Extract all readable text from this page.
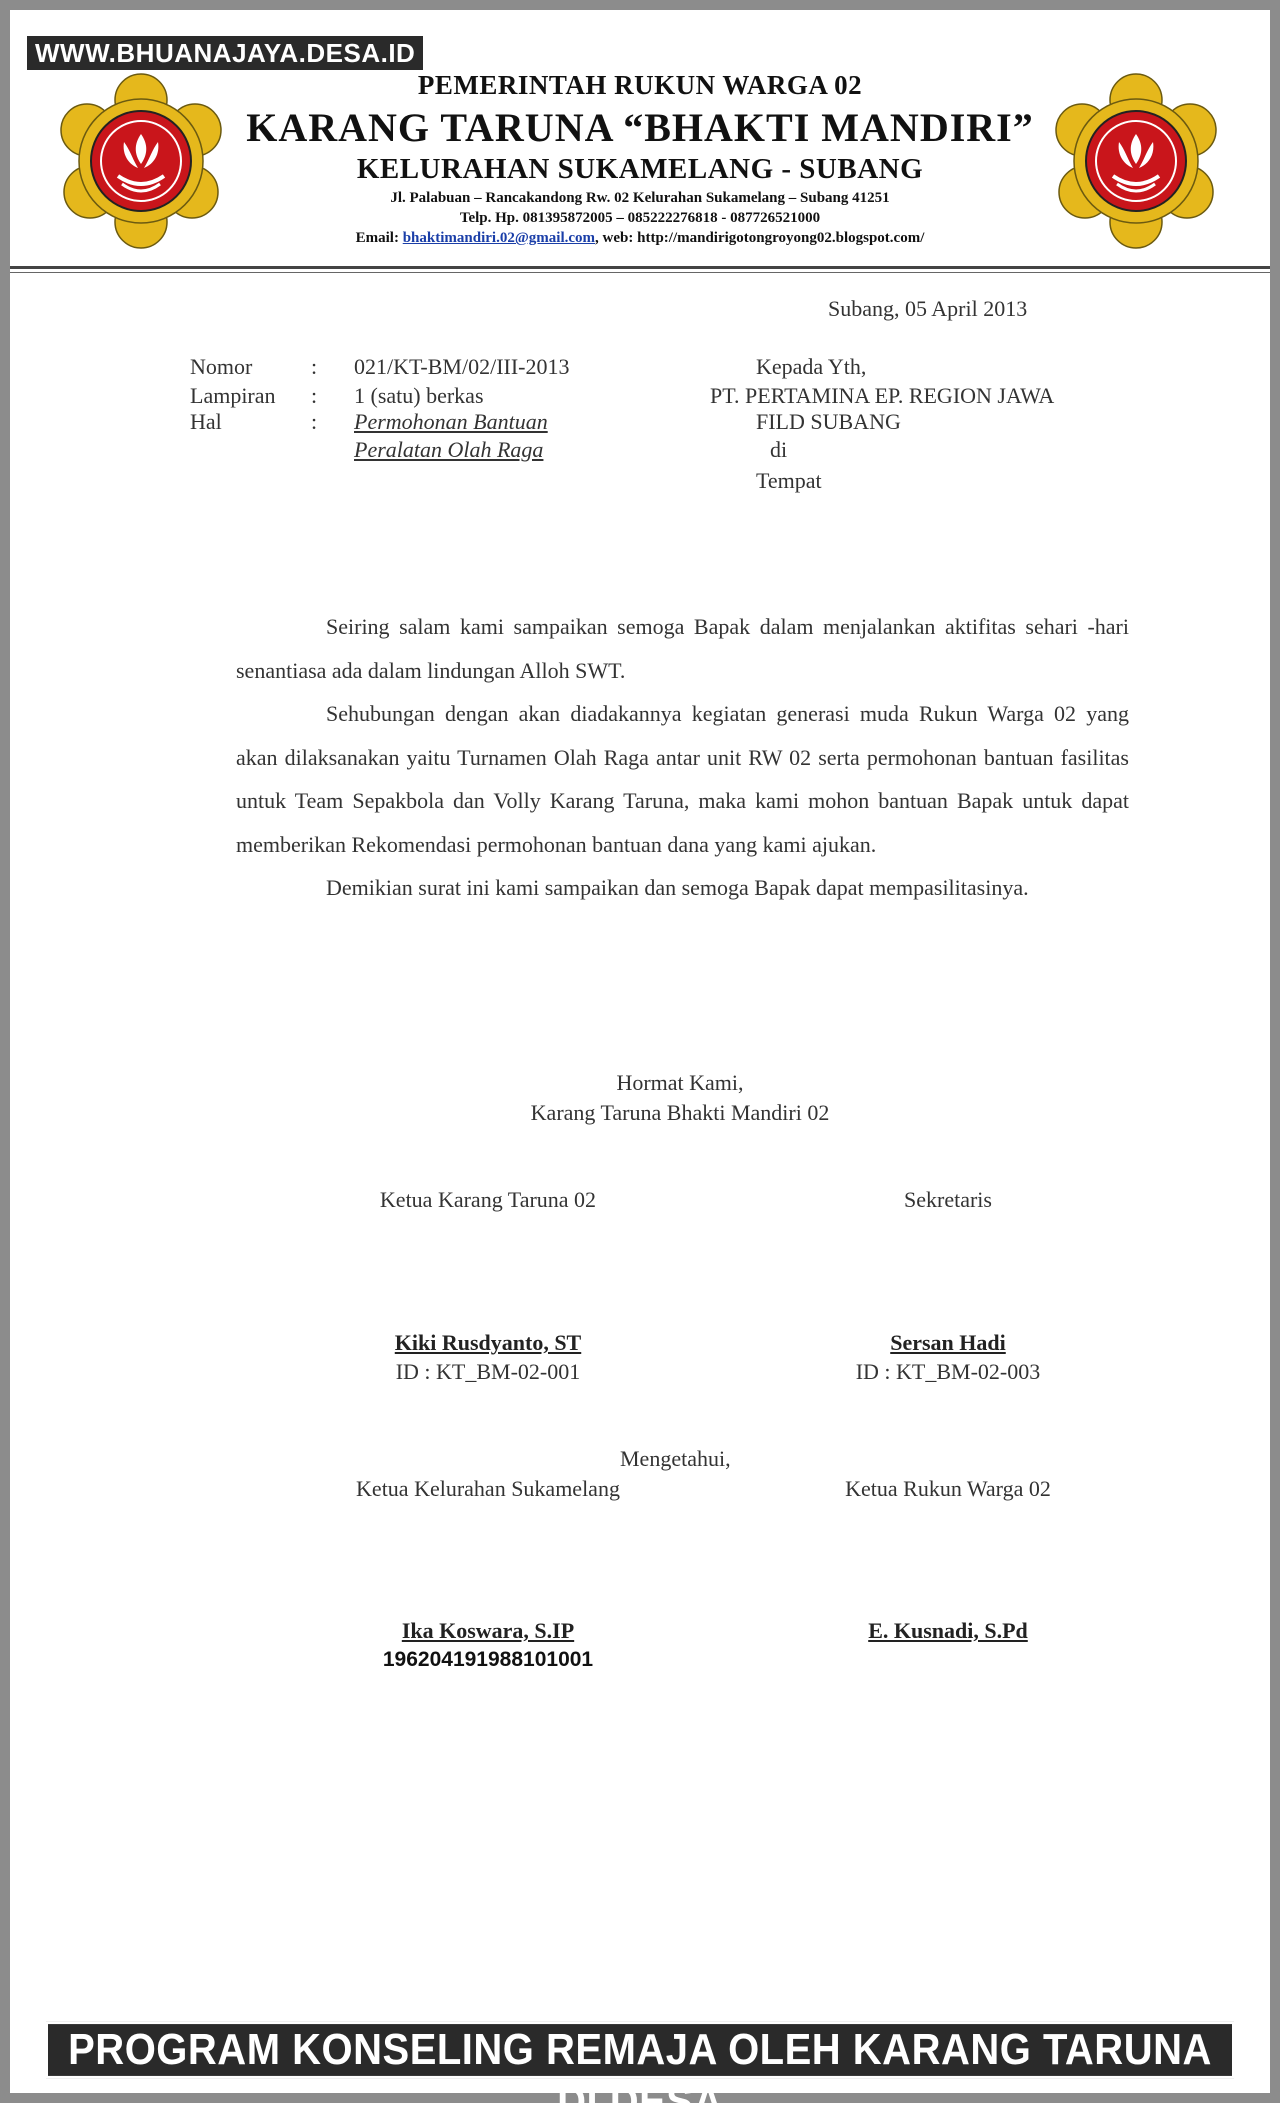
WWW.BHUANAJAYA.DESA.ID
PEMERINTAH RUKUN WARGA 02
KARANG TARUNA “BHAKTI MANDIRI”
KELURAHAN SUKAMELANG - SUBANG
Jl. Palabuan – Rancakandong Rw. 02 Kelurahan Sukamelang – Subang 41251
Telp. Hp. 081395872005 – 085222276818 - 087726521000
Email: bhaktimandiri.02@gmail.com, web: http://mandirigotongroyong02.blogspot.com/
Subang, 05 April 2013
Nomor	: 021/KT-BM/02/III-2013
Lampiran : 1 (satu) berkas
Hal	: Permohonan Bantuan
Peralatan Olah Raga
Kepada Yth,
PT. PERTAMINA EP. REGION JAWA
FILD SUBANG
di
Tempat

Seiring salam kami sampaikan semoga Bapak dalam menjalankan aktifitas sehari -hari senantiasa ada dalam lindungan Alloh SWT.

Sehubungan dengan akan diadakannya kegiatan generasi muda Rukun Warga 02 yang akan dilaksanakan yaitu Turnamen Olah Raga antar unit RW 02 serta permohonan bantuan fasilitas untuk Team Sepakbola dan Volly Karang Taruna, maka kami mohon bantuan Bapak untuk dapat memberikan Rekomendasi permohonan bantuan dana yang kami ajukan.

Demikian surat ini kami sampaikan dan semoga Bapak dapat mempasilitasinya.

Hormat Kami,
Karang Taruna Bhakti Mandiri 02
Ketua Karang Taruna 02	Sekretaris
Kiki Rusdyanto, ST
ID : KT_BM-02-001
Sersan Hadi
ID : KT_BM-02-003
Mengetahui,
Ketua Kelurahan Sukamelang	Ketua Rukun Warga 02
Ika Koswara, S.IP
196204191988101001
E. Kusnadi, S.Pd
PROGRAM KONSELING REMAJA OLEH KARANG TARUNA DI DESA
